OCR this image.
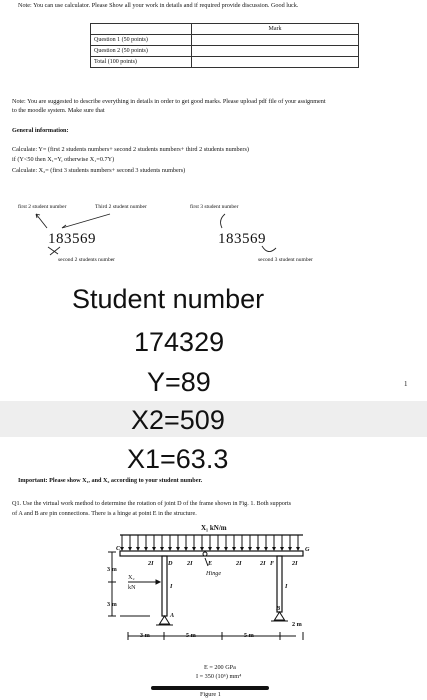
Note: You can use calculator. Please Show all your work in details and if required provide discussion. Good luck.
	Mark
Question 1 (50 points)	
Question 2 (50 points)	
Total (100 points)	
Note: You are suggested to describe everything in details in order to get good marks. Please upload pdf file of your assignment
to the moodle system. Make sure that
General information:
Calculate: Y= (first 2 students numbers+ second 2 students numbers+ third 2 students numbers)
if (Y<50 then X₁=Y, otherwise X₁=0.7Y)
Calculate: X₂= (first 3 students numbers+ second 3 students numbers)
first 2 student number	Third 2 student number	first 3 student number
183569	183569
second 2 students number	second 3 student number
Student number
174329
Y=89
X2=509
X1=63.3
1
Important: Please show X₁, and X₂ according to your student number.
Q1. Use the virtual work method to determine the rotation of joint D of the frame shown in Fig. 1. Both supports
of A and B are pin connections. There is a hinge at point E in the structure.
X₁ kN/m
C
D	E	F
G
A
B
2I	2I	2I	2I	2I
I	I
Hinge
X₂
kN
3 m
3 m
3 m	5 m	5 m
2 m
E = 200 GPa
I = 350 (10⁶) mm⁴
Figure 1
